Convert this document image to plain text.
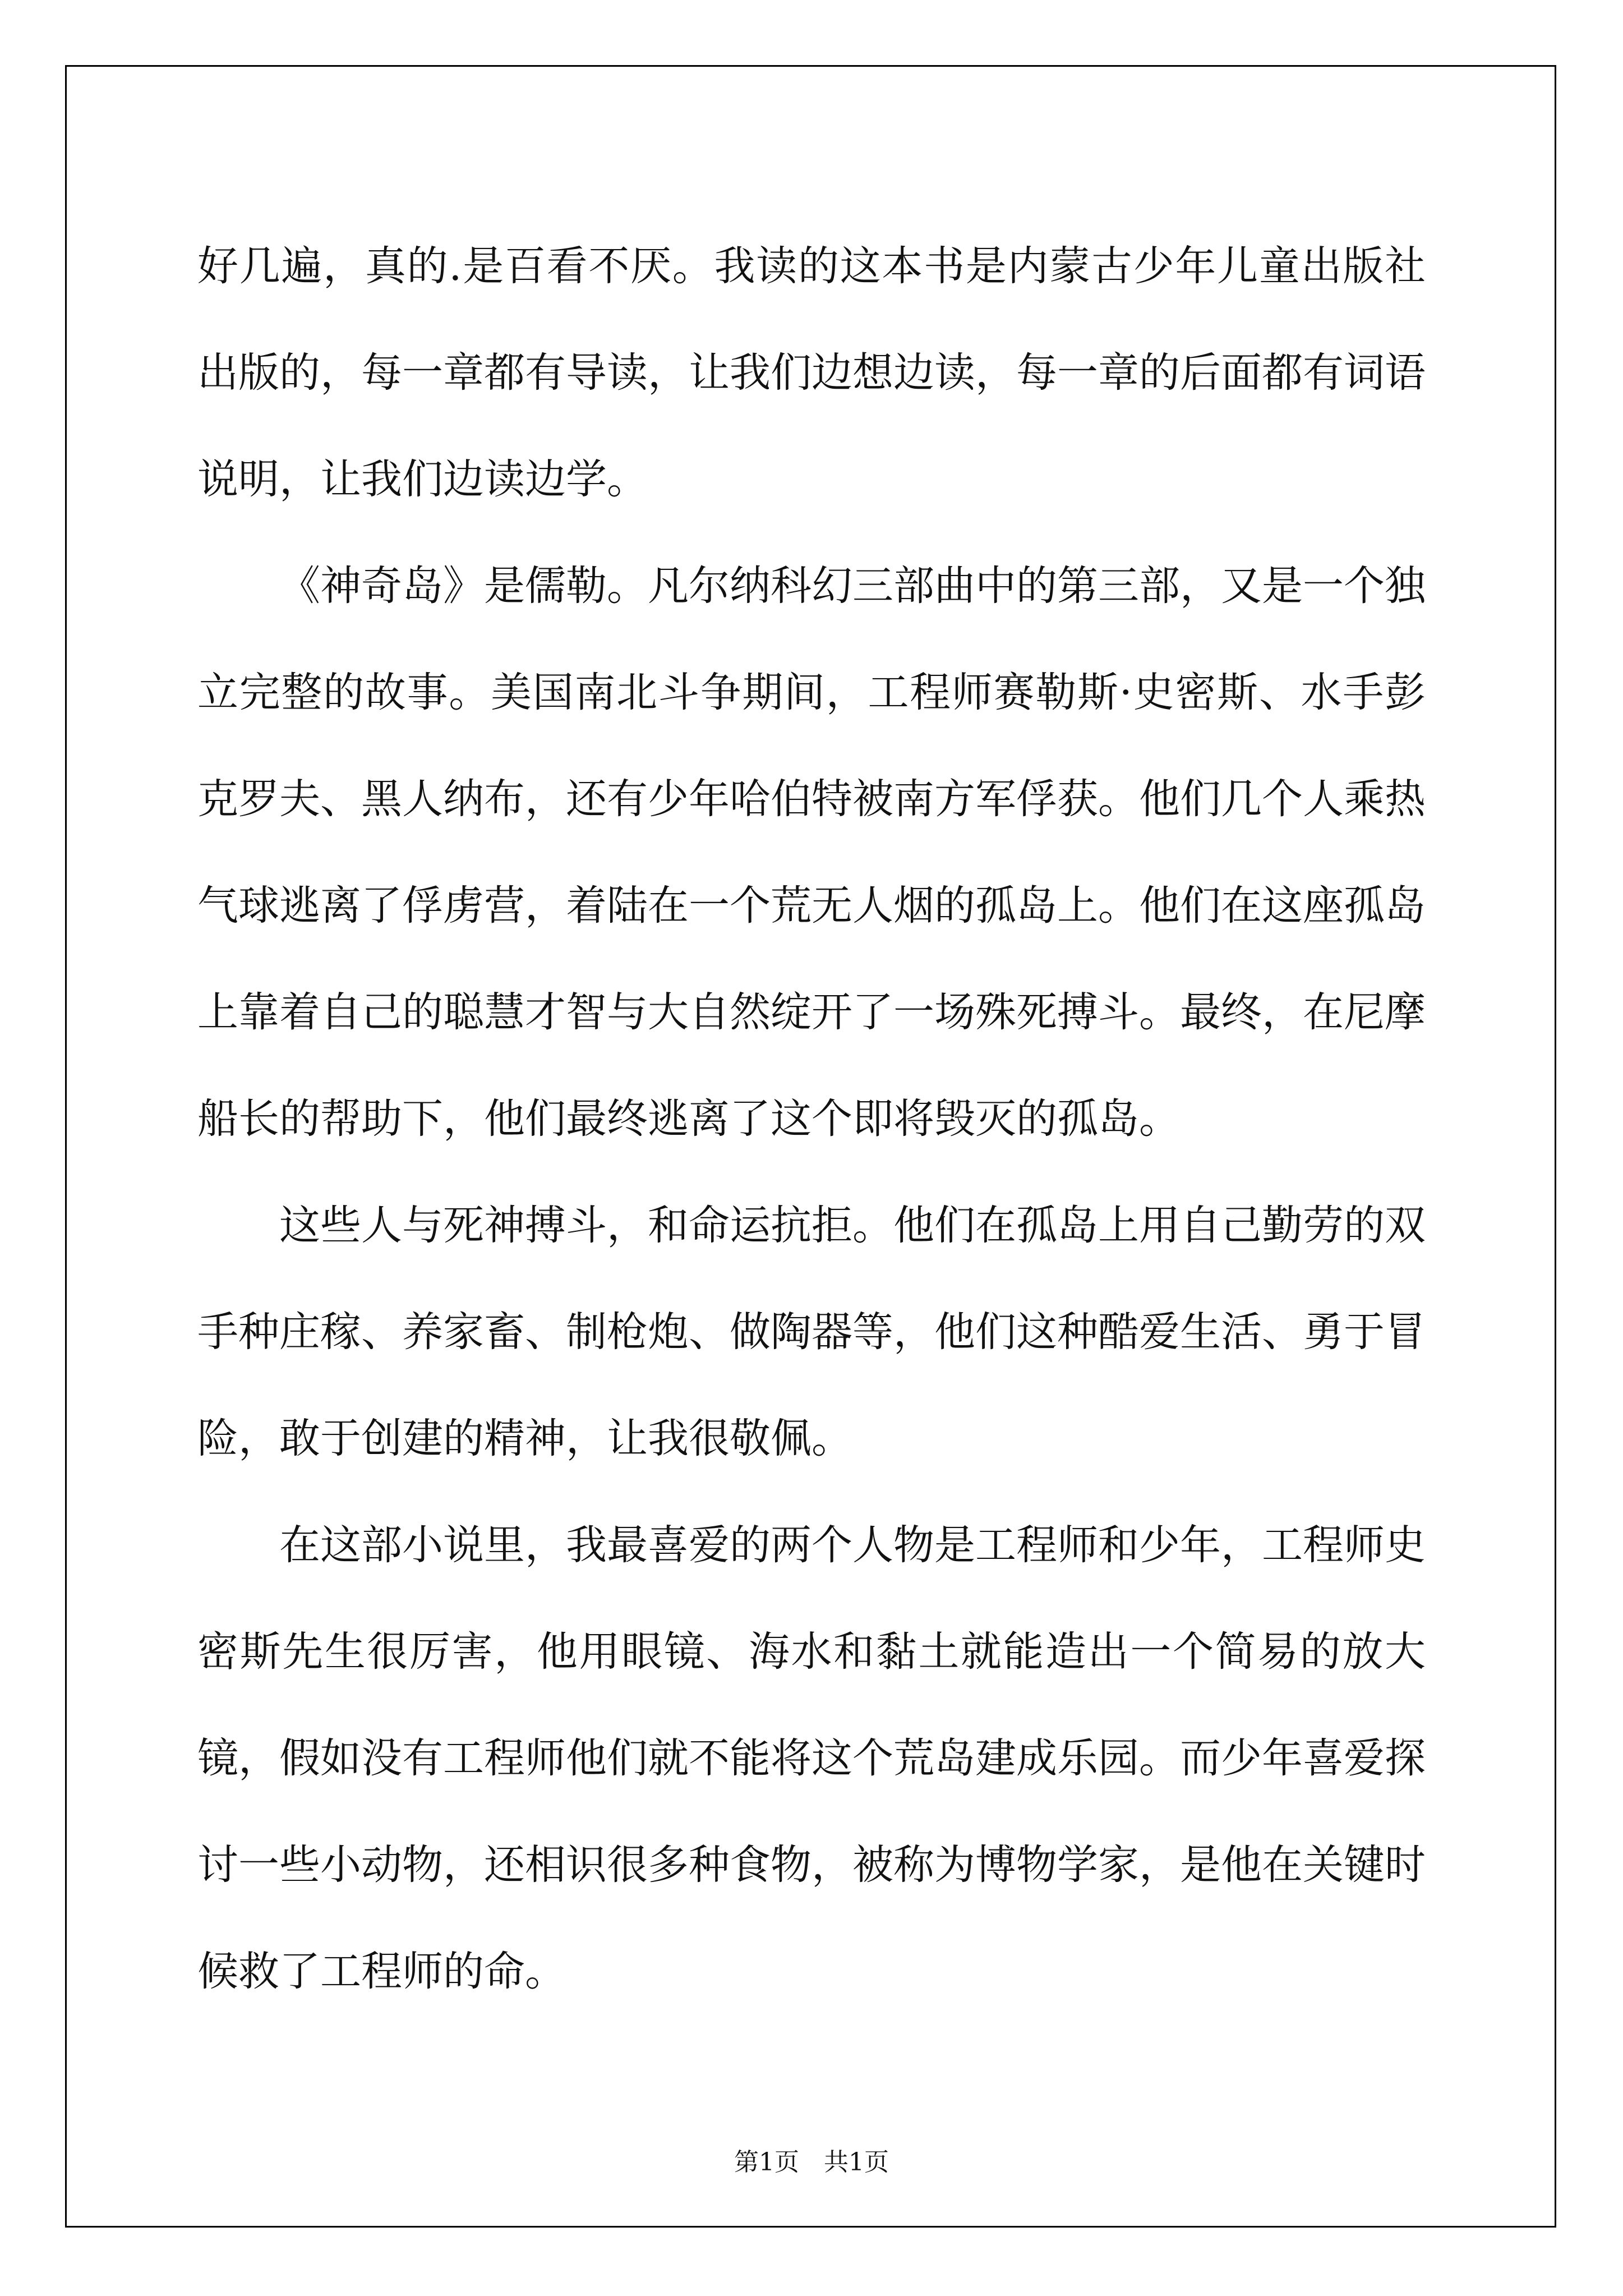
好几遍，真的.是百看不厌。我读的这本书是内蒙古少年儿童出版社出版的，每一章都有导读，让我们边想边读，每一章的后面都有词语说明，让我们边读边学。

《神奇岛》是儒勒。凡尔纳科幻三部曲中的第三部，又是一个独立完整的故事。美国南北斗争期间，工程师赛勒斯·史密斯、水手彭克罗夫、黑人纳布，还有少年哈伯特被南方军俘获。他们几个人乘热气球逃离了俘虏营，着陆在一个荒无人烟的孤岛上。他们在这座孤岛上靠着自己的聪慧才智与大自然绽开了一场殊死搏斗。最终，在尼摩船长的帮助下，他们最终逃离了这个即将毁灭的孤岛。

这些人与死神搏斗，和命运抗拒。他们在孤岛上用自己勤劳的双手种庄稼、养家畜、制枪炮、做陶器等，他们这种酷爱生活、勇于冒险，敢于创建的精神，让我很敬佩。

在这部小说里，我最喜爱的两个人物是工程师和少年，工程师史密斯先生很厉害，他用眼镜、海水和黏土就能造出一个简易的放大镜，假如没有工程师他们就不能将这个荒岛建成乐园。而少年喜爱探讨一些小动物，还相识很多种食物，被称为博物学家，是他在关键时候救了工程师的命。

第1页　共1页
